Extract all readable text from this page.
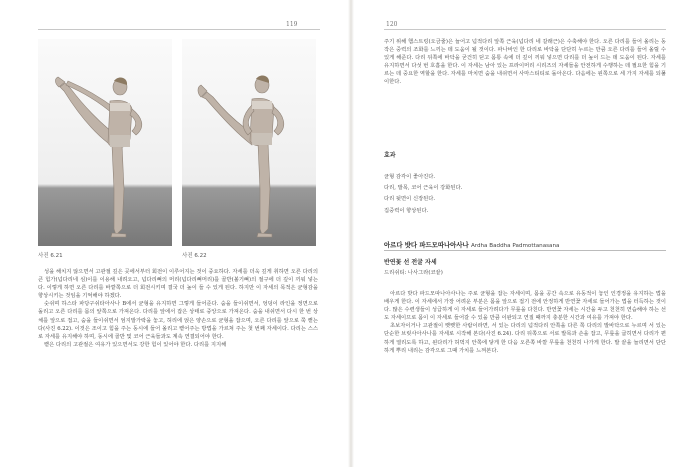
119	120
사진 6.21	사진 6.22

성을 해치지 않으면서 고관절 깊은 곳에서부터 회전이 이루어지는 것이 중요하다. 자세를 더욱 깊게 취하면 오른 다리의 큰 힘가(넙다리네 심)이를 이용해 내려오고, 넙다리뼈의 머리(넙다리뼈머리)를 골반(볼기뼈)의 절구에 더 깊이 끼워 넣는다. 이렇게 하면 오른 다리를 바깥쪽으로 더 회전시키며 결국 더 높이 들 수 있게 된다. 하지만 이 자세의 목적은 균형감을 향상시키는 것임을 기억해야 하겠다.

숫쉬며 하스타 파당구쉬타아사나 B에서 균형을 유지하면 그렇게 들어준다. 숨을 들이쉬면서, 엉덩이 라인을 정면으로 돌리고 오른 다리를 몸의 앞쪽으로 가져온다. 다리를 앞에서 잡은 상태로 중앙으로 가져온다. 숨을 내쉬면서 다시 한 번 상체를 앞으로 접고, 숨을 들이쉬면서 엄지발가락을 놓고, 허리에 얹은 양손으로 균형을 잡으며, 오른 다리를 앞으로 쭉 뻗는다(사진 6.22). 이것은 조이고 힘을 주는 동시에 들어 올리고 뻗어주는 방법을 가르쳐 주는 첫 번째 자세이다. 다리는 스스로 자세를 유지해야 하며, 동시에 골반 및 코어 근육들과도 계속 연결되어야 한다.

뻗은 다리의 고관절은 여유가 있으면서도 강한 힘이 있어야 한다. 다리를 지지해

주기 위해 햄스트링(오금줄)은 늘어고 넙적다리 앞쪽 근육(넙다리 네 갈래근)은 수축해야 한다. 오른 다리를 들어 올리는 동작은 중력의 조화를 느끼는 데 도움이 될 것이다. 파나바인 한 다리로 바닥을 단단히 누르는 만큼 오른 다리를 들어 올릴 수 있게 해준다. 다리 뒤쪽에 바닥을 굳건히 딛고 몸통 속에 더 깊이 끼워 넣으면 다리를 더 높이 드는 데 도움이 된다. 자세를 유지하면서 다섯 번 호흡을 한다. 이 자세는 남아 있는 프라이머리 시리즈의 자세들을 안전하게 수행하는 데 필요한 힘을 기르는 데 중요한 역할을 한다. 자세를 마치면 숨을 내쉬면서 사마스티티로 돌아온다. 다음에는 왼쪽으로 세 가지 자세를 되풀이한다.

효과
균형 감각이 좋아진다.
다리, 발목, 코어 근육이 강화된다.
다리 뒷면이 신장된다.
집중력이 향상된다.
아르다 밧다 파드모따나아사나 Ardha Baddha Padmottanasana
반연꽃 선 전굴 자세
드리쉬티: 나사그라(코끝)

아르다 밧다 파드모따나아사나는 주로 균형을 잡는 자세이며, 몸을 공간 속으로 유동적이 놓인 인경정을 유지하는 법을 배우게 한다. 이 자세에서 가장 어려운 부분은 몸을 앞으로 접기 전에 안정하게 반연꽃 자세로 들어가는 법을 터득하는 것이다. 많은 수련생들이 성급하게 이 자세로 들어가려다가 무릎을 다친다. 반연꽃 자세는 시간을 두고 천천히 연습해야 하는 선도 자세이므로 몸이 이 자세로 들어갈 수 있을 만큼 이완되고 연질 때까지 충분한 시간과 여유를 가져야 한다.

초보자이거나 고관절이 뻣뻣한 사람이라면, 서 있는 다리의 넙적다리 안쪽을 다른 쪽 다리의 발바닥으로 누르며 서 있는 단순한 브릿사아사나를 자세로 시작해 본다(사진 6.24). 다리 뒤쪽으로 서로 발목과 손을 잡고, 무릎을 굽히면서 다리가 편하게 열리도록 하고, 왼다리가 허벅지 안쪽에 닿게 한 다음 오른쪽 바깥 무릎을 천천히 나가게 한다. 발 끝을 늘리면서 단단하게 뿌리 내리는 감각으로 그때 가치를 느껴본다.
